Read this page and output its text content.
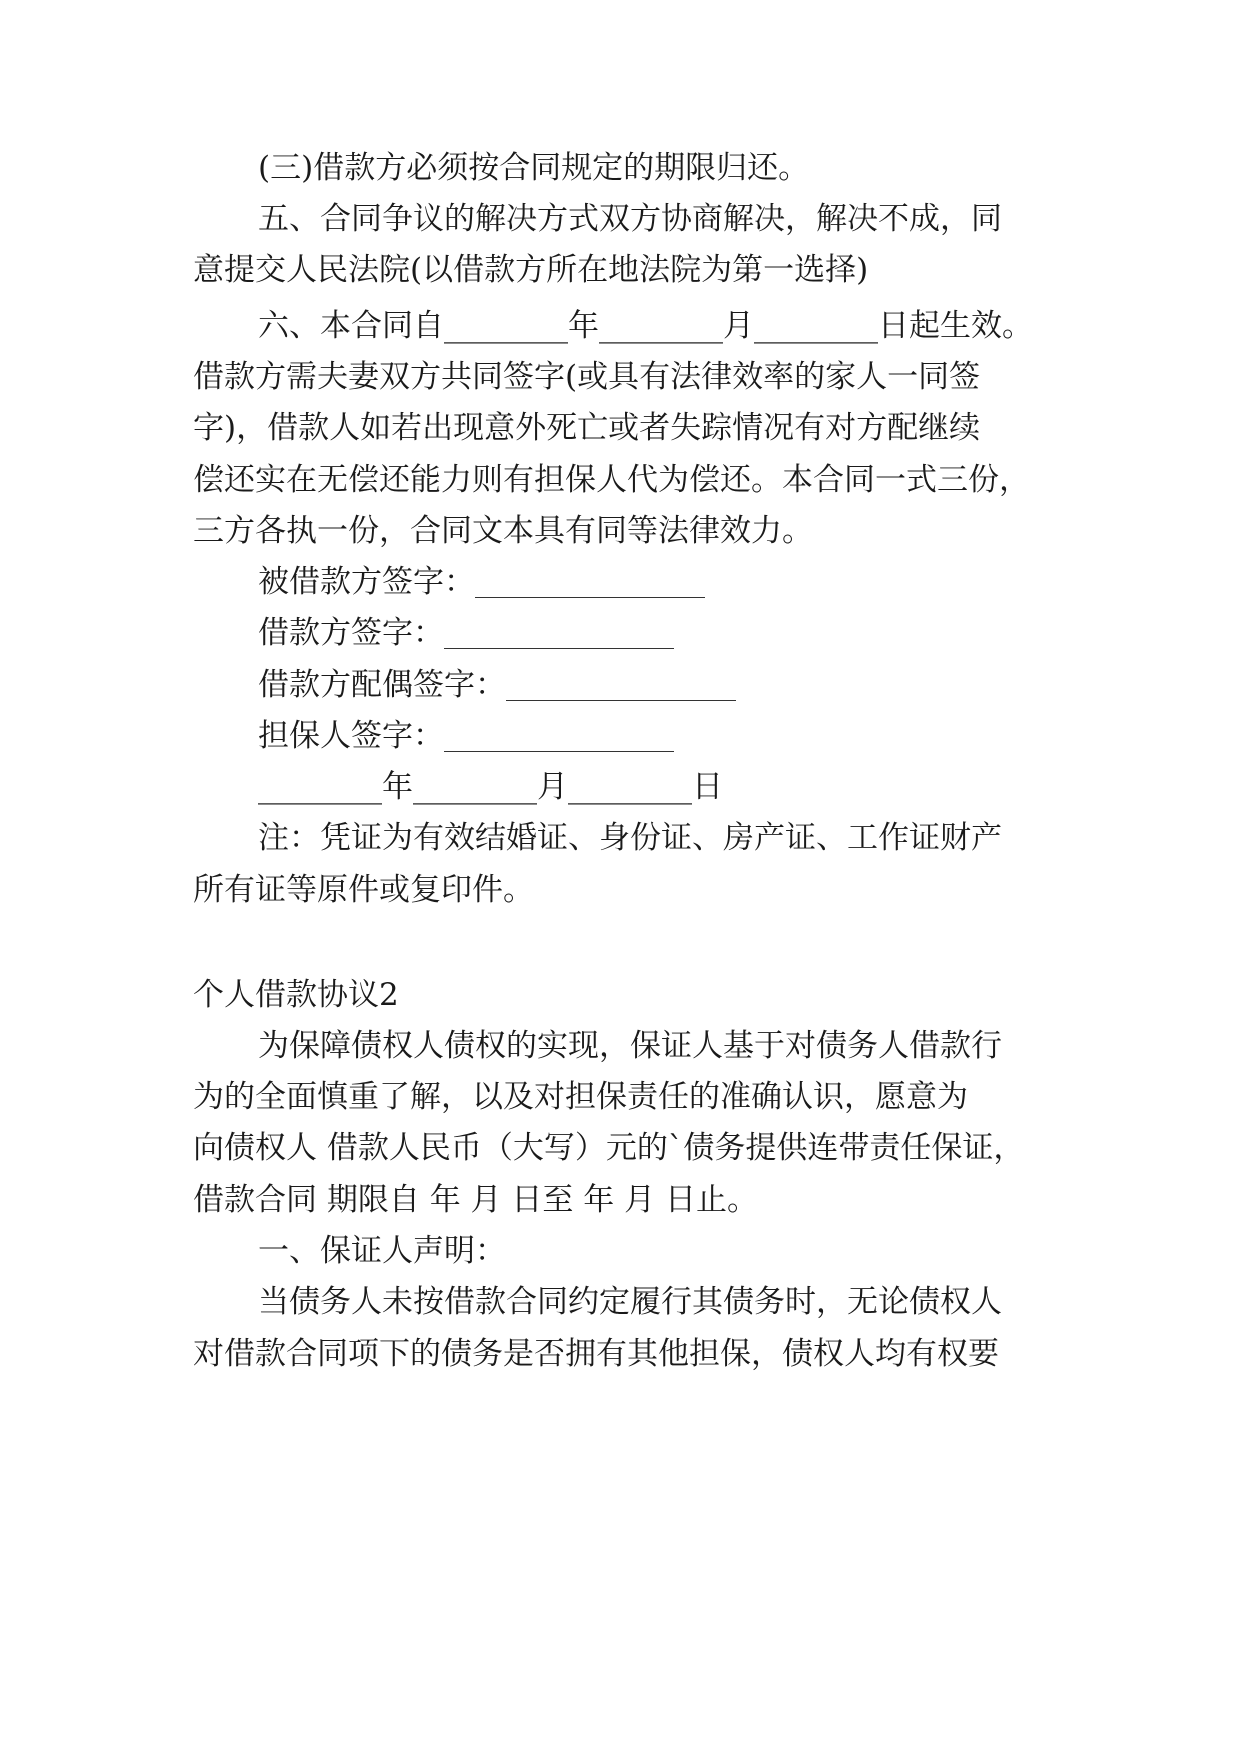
(三)借款方必须按合同规定的期限归还。
五、合同争议的解决方式双方协商解决，解决不成，同
意提交人民法院(以借款方所在地法院为第一选择)
六、本合同自________年________月________日起生效。
借款方需夫妻双方共同签字(或具有法律效率的家人一同签
字)，借款人如若出现意外死亡或者失踪情况有对方配继续
偿还实在无偿还能力则有担保人代为偿还。本合同一式三份，
三方各执一份，合同文本具有同等法律效力。
被借款方签字：
借款方签字：
借款方配偶签字：
担保人签字：
________年________月________日
注：凭证为有效结婚证、身份证、房产证、工作证财产
所有证等原件或复印件。
个人借款协议2
为保障债权人债权的实现，保证人基于对债务人借款行
为的全面慎重了解，以及对担保责任的准确认识，愿意为
向债权人 借款人民币（大写）元的`债务提供连带责任保证，
借款合同 期限自 年 月 日至 年 月 日止。
一、保证人声明：
当债务人未按借款合同约定履行其债务时，无论债权人
对借款合同项下的债务是否拥有其他担保，债权人均有权要
